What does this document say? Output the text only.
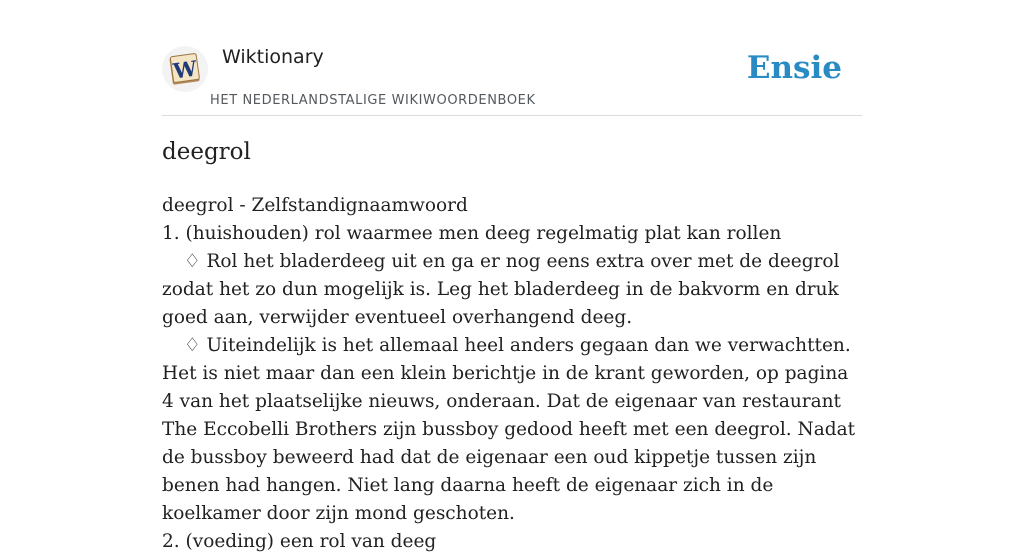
W Wiktionary
HET NEDERLANDSTALIGE WIKIWOORDENBOEK
Ensie
deegrol

deegrol - Zelfstandignaamwoord

1. (huishouden) rol waarmee men deeg regelmatig plat kan rollen

♢ Rol het bladerdeeg uit en ga er nog eens extra over met de deegrol zodat het zo dun mogelijk is. Leg het bladerdeeg in de bakvorm en druk goed aan, verwijder eventueel overhangend deeg.

♢ Uiteindelijk is het allemaal heel anders gegaan dan we verwachtten. Het is niet maar dan een klein berichtje in de krant geworden, op pagina 4 van het plaatselijke nieuws, onderaan. Dat de eigenaar van restaurant The Eccobelli Brothers zijn bussboy gedood heeft met een deegrol. Nadat de bussboy beweerd had dat de eigenaar een oud kippetje tussen zijn benen had hangen. Niet lang daarna heeft de eigenaar zich in de koelkamer door zijn mond geschoten.

2. (voeding) een rol van deeg
